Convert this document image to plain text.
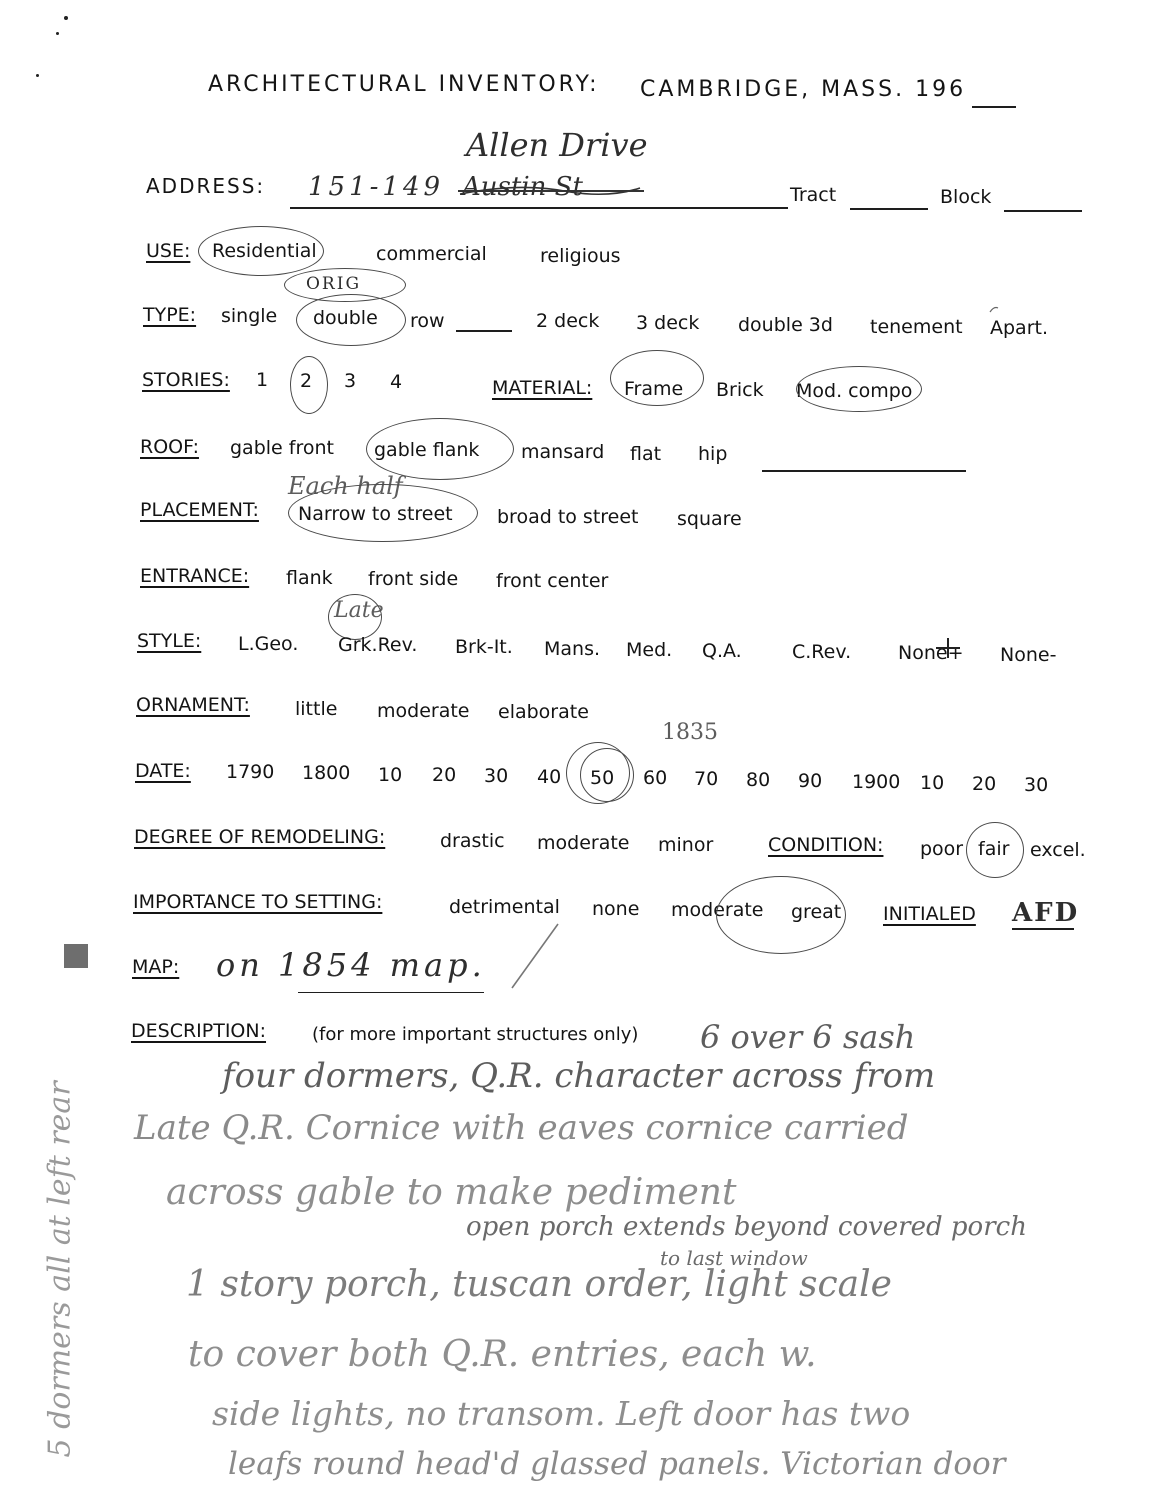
ARCHITECTURAL INVENTORY: CAMBRIDGE, MASS. 196
Allen Drive
ADDRESS: 151-149 Austin St	Tract	Block
USE: Residential	commercial	religious
ORIG
TYPE: single double row	2 deck 3 deck double 3d tenement Apart.
STORIES: 1 2 3 4	MATERIAL: Frame Brick Mod. compo
ROOF: gable front gable flank mansard flat hip
Each half
PLACEMENT: Narrow to street broad to street square
ENTRANCE: flank front side front center
Late
STYLE: L.Geo. Grk.Rev. Brk-It. Mans. Med. Q.A.	C.Rev. None+ None-
ORNAMENT: little moderate elaborate
1835
DATE: 1790 1800 10 20 30 40 50 60 70 80 90 1900 10 20 30
DEGREE OF REMODELING:	drastic moderate minor	CONDITION: poor fair excel.
IMPORTANCE TO SETTING:	detrimental none moderate great INITIALED AFD
MAP: on 1854 map.
DESCRIPTION:	(for more important structures only) 6 over 6 sash
four dormers, Q.R. character across from
Late Q.R. Cornice with eaves cornice carried
across gable to make pediment
open porch extends beyond covered porch
to last window
1 story porch, tuscan order, light scale
to cover both Q.R. entries, each w.
side lights, no transom. Left door has two
leafs round head'd glassed panels. Victorian door
5 dormers all at left rear
